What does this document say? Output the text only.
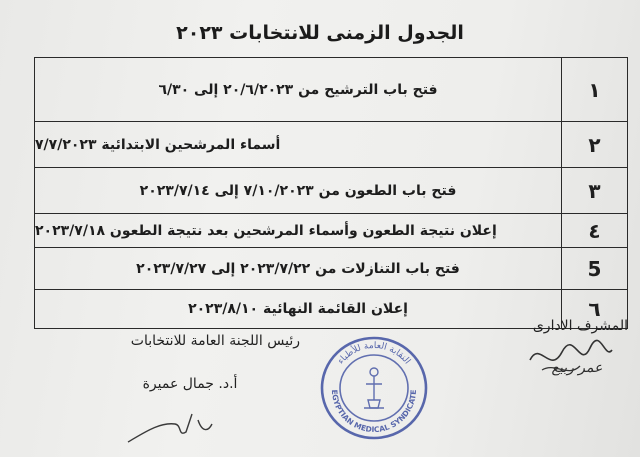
الجدول الزمنى للانتخابات ٢٠٢٣
١
فتح باب الترشيح من ٢٠/٦/٢٠٢٣ إلى ٦/٣٠
٢
أسماء المرشحين الابتدائية ٧/٧/٢٠٢٣
٣
فتح باب الطعون من ٧/١٠/٢٠٢٣ إلى ٢٠٢٣/٧/١٤
٤
إعلان نتيجة الطعون وأسماء المرشحين بعد نتيجة الطعون ٢٠٢٣/٧/١٨
5
فتح باب التنازلات من ٢٠٢٣/٧/٢٢ إلى ٢٠٢٣/٧/٢٧
٦
إعلان القائمة النهائية ٢٠٢٣/٨/١٠
رئيس اللجنة العامة للانتخابات
أ.د. جمال عميرة
المشرف الادارى
عمر ربيع
النقابة العامة للأطباء
EGYPTIAN MEDICAL SYNDICATE
